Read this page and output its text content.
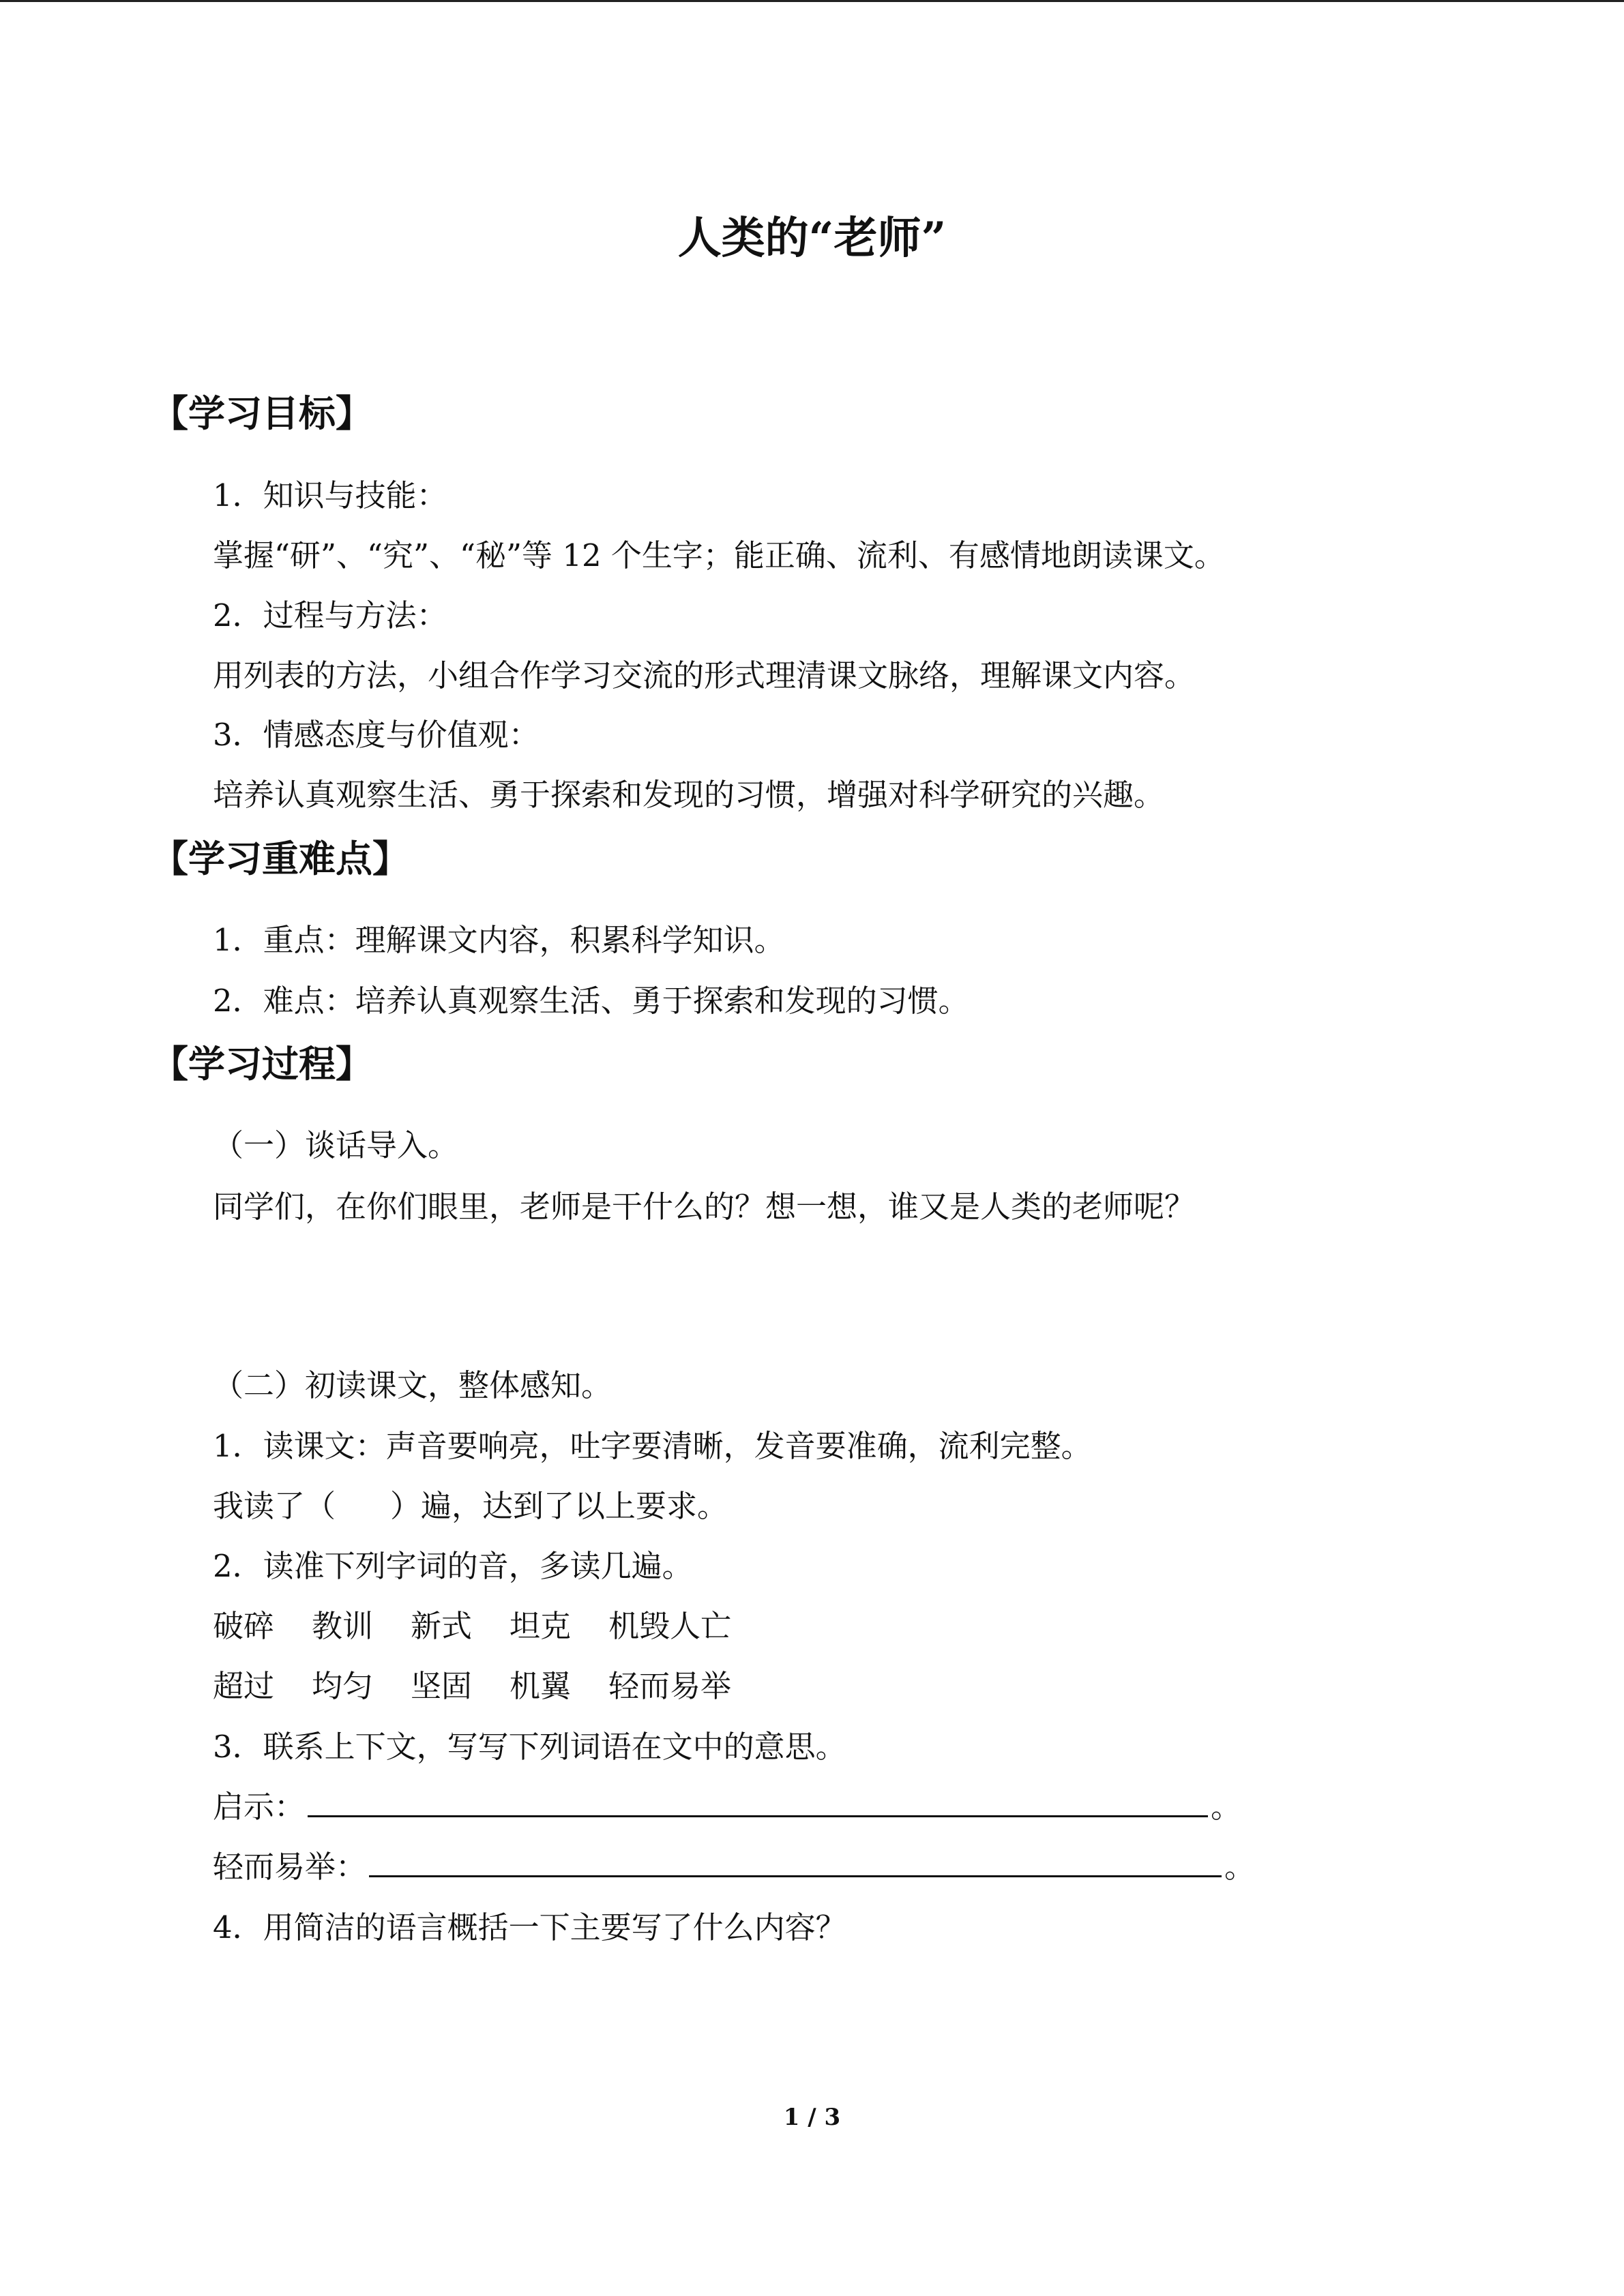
人类的“老师”
【学习目标】
1．知识与技能：
掌握“研”、“究”、“秘”等 12 个生字；能正确、流利、有感情地朗读课文。
2．过程与方法：
用列表的方法，小组合作学习交流的形式理清课文脉络，理解课文内容。
3．情感态度与价值观：
培养认真观察生活、勇于探索和发现的习惯，增强对科学研究的兴趣。
【学习重难点】
1．重点：理解课文内容，积累科学知识。
2．难点：培养认真观察生活、勇于探索和发现的习惯。
【学习过程】
（一）谈话导入。
同学们，在你们眼里，老师是干什么的？想一想，谁又是人类的老师呢？
（二）初读课文，整体感知。
1．读课文：声音要响亮，吐字要清晰，发音要准确，流利完整。
我读了（ ）遍，达到了以上要求。
2．读准下列字词的音，多读几遍。
破碎 教训 新式 坦克 机毁人亡
超过 均匀 坚固 机翼 轻而易举
3．联系上下文，写写下列词语在文中的意思。
启示：	。
轻而易举：	。
4．用简洁的语言概括一下主要写了什么内容？
1 / 3
